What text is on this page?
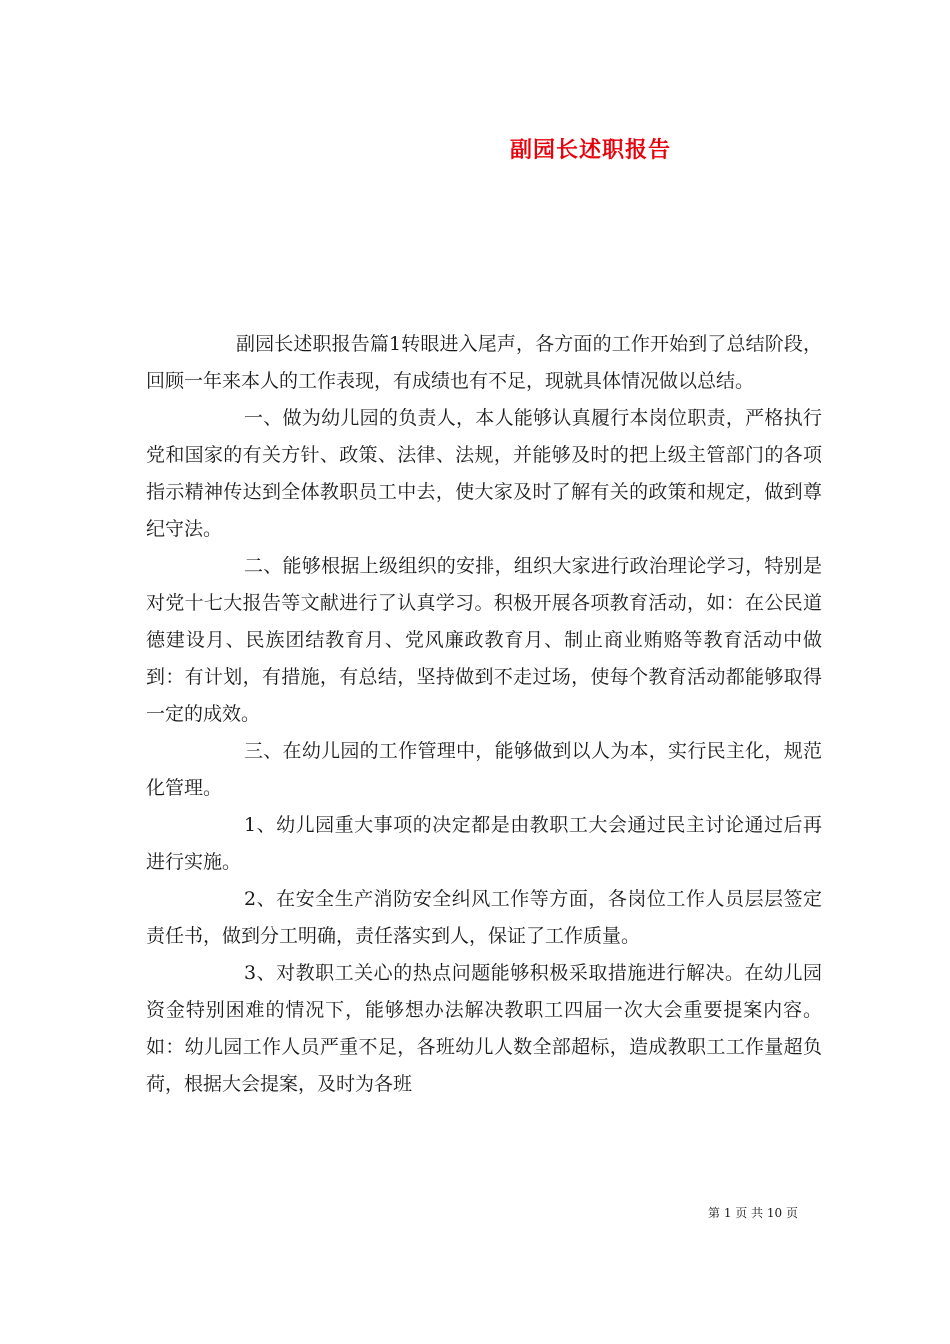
副园长述职报告

副园长述职报告篇1转眼进入尾声，各方面的工作开始到了总结阶段，回顾一年来本人的工作表现，有成绩也有不足，现就具体情况做以总结。

一、做为幼儿园的负责人，本人能够认真履行本岗位职责，严格执行党和国家的有关方针、政策、法律、法规，并能够及时的把上级主管部门的各项指示精神传达到全体教职员工中去，使大家及时了解有关的政策和规定，做到尊纪守法。

二、能够根据上级组织的安排，组织大家进行政治理论学习，特别是对党十七大报告等文献进行了认真学习。积极开展各项教育活动，如：在公民道德建设月、民族团结教育月、党风廉政教育月、制止商业贿赂等教育活动中做到：有计划，有措施，有总结，坚持做到不走过场，使每个教育活动都能够取得一定的成效。

三、在幼儿园的工作管理中，能够做到以人为本，实行民主化，规范化管理。

1、幼儿园重大事项的决定都是由教职工大会通过民主讨论通过后再进行实施。

2、在安全生产消防安全纠风工作等方面，各岗位工作人员层层签定责任书，做到分工明确，责任落实到人，保证了工作质量。

3、对教职工关心的热点问题能够积极采取措施进行解决。在幼儿园资金特别困难的情况下，能够想办法解决教职工四届一次大会重要提案内容。如：幼儿园工作人员严重不足，各班幼儿人数全部超标，造成教职工工作量超负荷，根据大会提案，及时为各班

第 1 页 共 10 页
